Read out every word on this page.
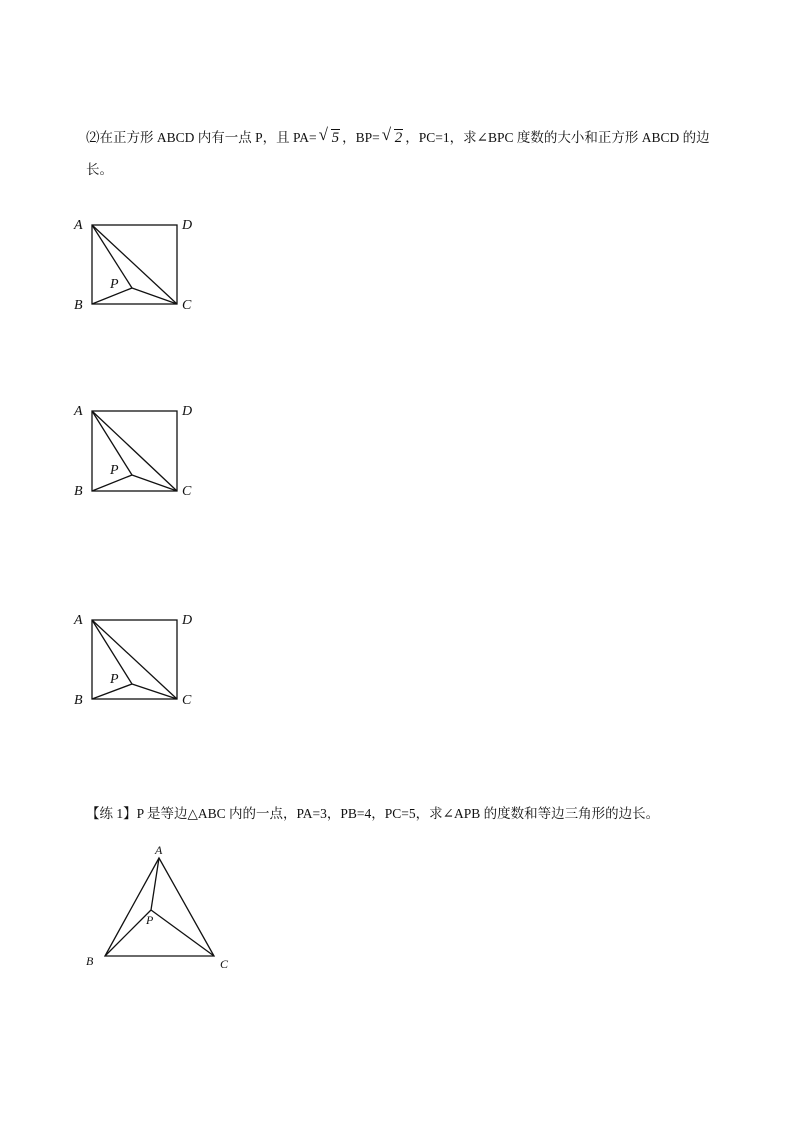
⑵在正方形 ABCD 内有一点 P，且 PA= √ 5 ，BP= √ 2 ，PC=1，求∠BPC 度数的大小和正方形 ABCD 的边
长。
【练 1】P 是等边△ABC 内的一点，PA=3，PB=4，PC=5，求∠APB 的度数和等边三角形的边长。
A	D
B	C
P
A	D
B	C
P
A	D
B	C
P
A
B	C
P
